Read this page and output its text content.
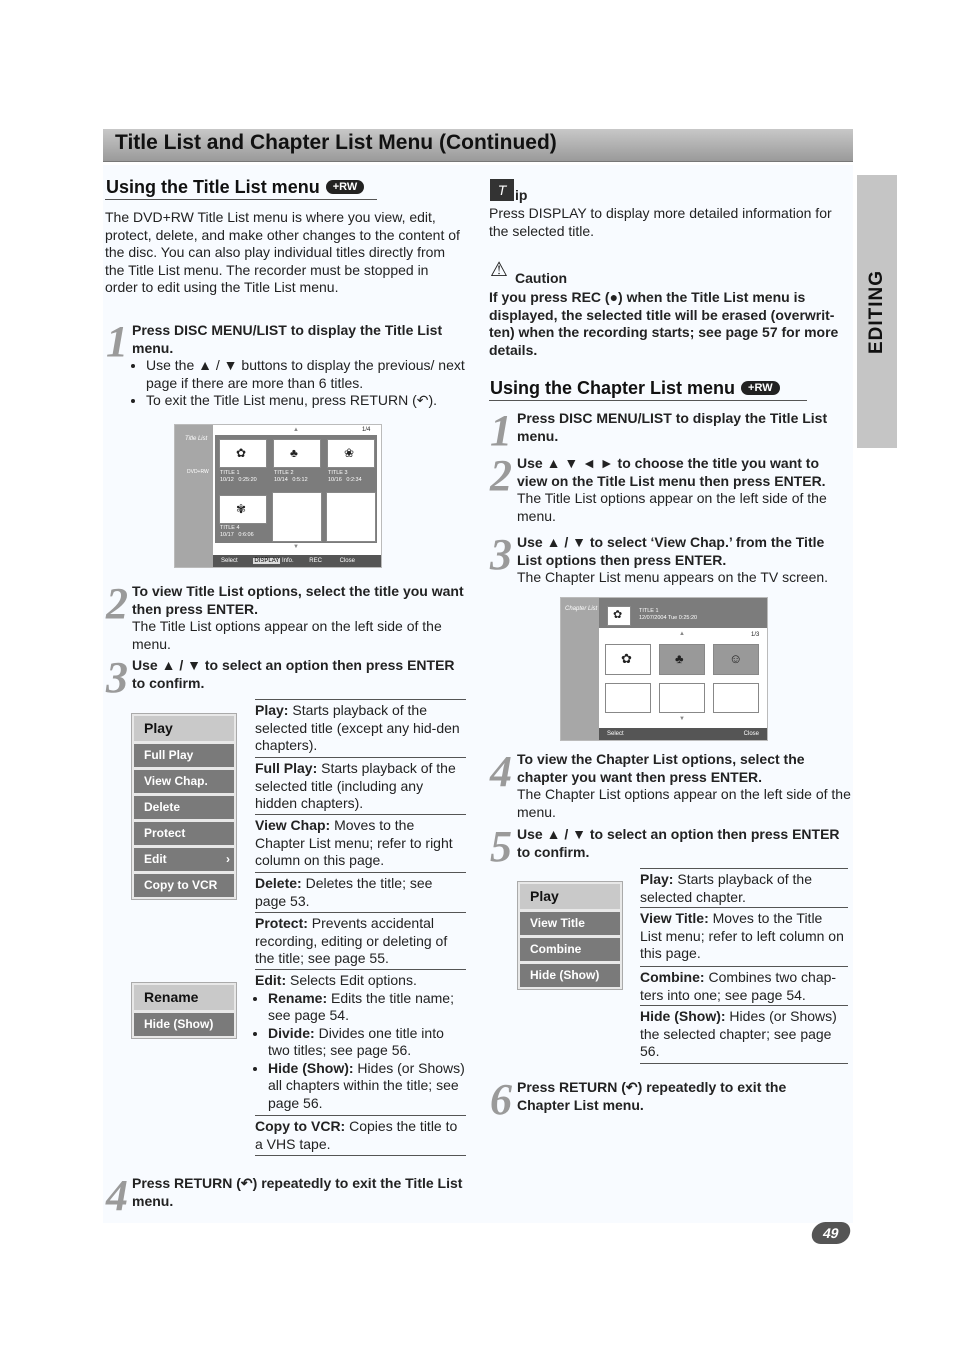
Title List and Chapter List Menu (Continued)
EDITING
Using the Title List menu +RW
The DVD+RW Title List menu is where you view, edit, protect, delete, and make other changes to the content of the disc. You can also play individual titles directly from the Title List menu. The recorder must be stopped in order to edit using the Title List menu.
1 Press DISC MENU/LIST to display the Title List menu.
• Use the ▲ / ▼ buttons to display the previous/ next page if there are more than 6 titles.
• To exit the Title List menu, press RETURN (↶).
Title List
DVD+RW
1/4
▲
✿	♣	❀
TITLE 1
10/12 0:25:20
TITLE 2
10/14 0:5:12
TITLE 3
10/16 0:2:34
✾
TITLE 4
10/17 0:6:06
▼
Select	DISPLAY Info.	REC	Close
2 To view Title List options, select the title you want then press ENTER.
The Title List options appear on the left side of the menu.
3 Use ▲ / ▼ to select an option then press ENTER to confirm.
Play
Full Play
View Chap.
Delete
Protect
Edit	›
Copy to VCR
Rename
Hide (Show)
Play: Starts playback of the selected title (except any hid-den chapters).
Full Play: Starts playback of the selected title (including any hidden chapters).
View Chap: Moves to the Chapter List menu; refer to right column on this page.
Delete: Deletes the title; see page 53.
Protect: Prevents accidental recording, editing or deleting of the title; see page 55.
Edit: Selects Edit options.
• Rename: Edits the title name; see page 54.
• Divide: Divides one title into two titles; see page 56.
• Hide (Show): Hides (or Shows) all chapters within the title; see page 56.
Copy to VCR: Copies the title to a VHS tape.
4 Press RETURN (↶) repeatedly to exit the Title List menu.
T ip
Press DISPLAY to display more detailed information for the selected title.
⚠ Caution
If you press REC (●) when the Title List menu is displayed, the selected title will be erased (overwrit-ten) when the recording starts; see page 57 for more details.
Using the Chapter List menu +RW
1 Press DISC MENU/LIST to display the Title List menu.
2 Use ▲ ▼ ◄ ► to choose the title you want to view on the Title List menu then press ENTER.
The Title List options appear on the left side of the menu.
3 Use ▲ / ▼ to select ‘View Chap.’ from the Title List options then press ENTER.
The Chapter List menu appears on the TV screen.
Chapter List ✿	TITLE 1
12/07/2004 Tue 0:25:20
▲	1/3
✿	♣	☺
▼
Select	Close
4 To view the Chapter List options, select the chapter you want then press ENTER.
The Chapter List options appear on the left side of the menu.
5 Use ▲ / ▼ to select an option then press ENTER to confirm.
Play
View Title
Combine
Hide (Show)
Play: Starts playback of the selected chapter.
View Title: Moves to the Title List menu; refer to left column on this page.
Combine: Combines two chap-ters into one; see page 54.
Hide (Show): Hides (or Shows) the selected chapter; see page 56.
6 Press RETURN (↶) repeatedly to exit the Chapter List menu.
49
